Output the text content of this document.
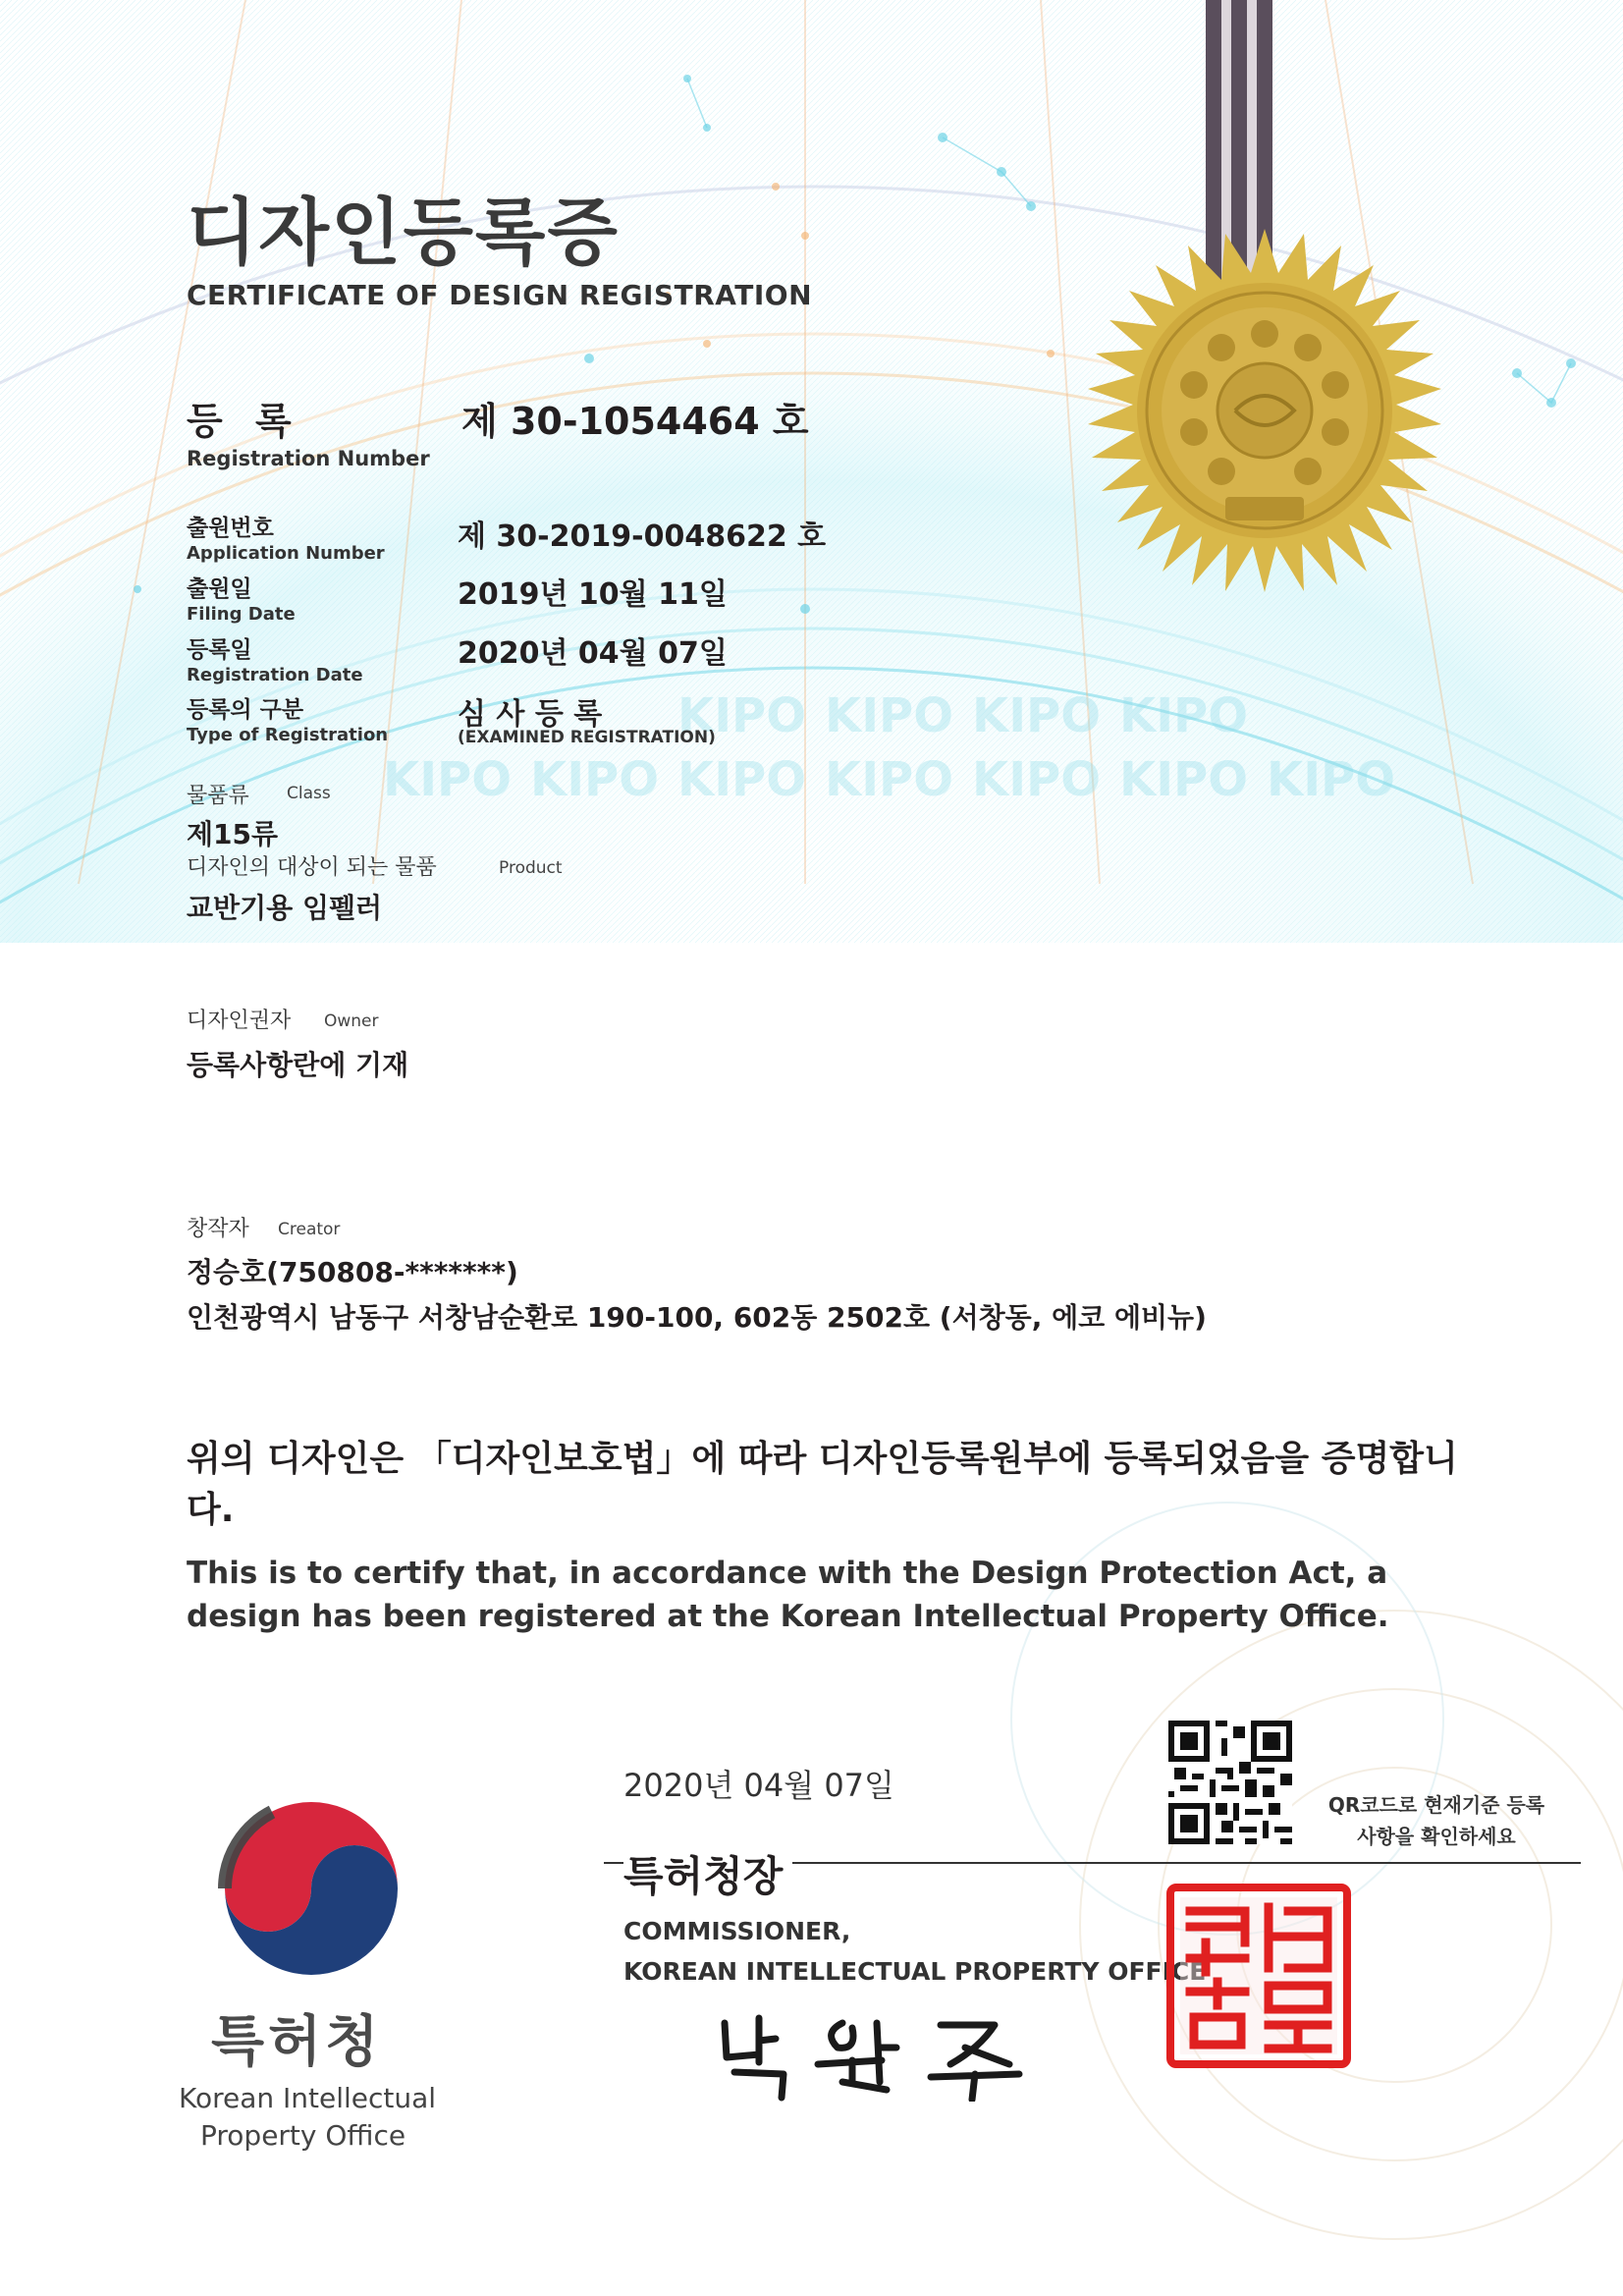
KIPO KIPO KIPO KIPO KIPO KIPO KIPO
KIPO KIPO KIPO KIPO
디자인등록증
CERTIFICATE OF DESIGN REGISTRATION
등 록
Registration Number
제 30-1054464 호
출원번호
Application Number 제 30-2019-0048622 호
출원일
Filing Date
2019년 10월 11일
등록일
Registration Date
2020년 04월 07일
등록의 구분
Type of Registration
심 사 등 록
(EXAMINED REGISTRATION)
물품류 Class
제15류
디자인의 대상이 되는 물품	Product
교반기용 임펠러
디자인권자 Owner
등록사항란에 기재
창작자 Creator
정승호(750808-*******)
인천광역시 남동구 서창남순환로 190-100, 602동 2502호 (서창동, 에코 에비뉴)
위의 디자인은 「디자인보호법」에 따라 디자인등록원부에 등록되었음을 증명합니다.
This is to certify that, in accordance with the Design Protection Act, a design has been registered at the Korean Intellectual Property Office.
2020년 04월 07일
특허청장
COMMISSIONER,
KOREAN INTELLECTUAL PROPERTY OFFICE
QR코드로 현재기준 등록사항을 확인하세요
특허청
Korean Intellectual
Property Office
